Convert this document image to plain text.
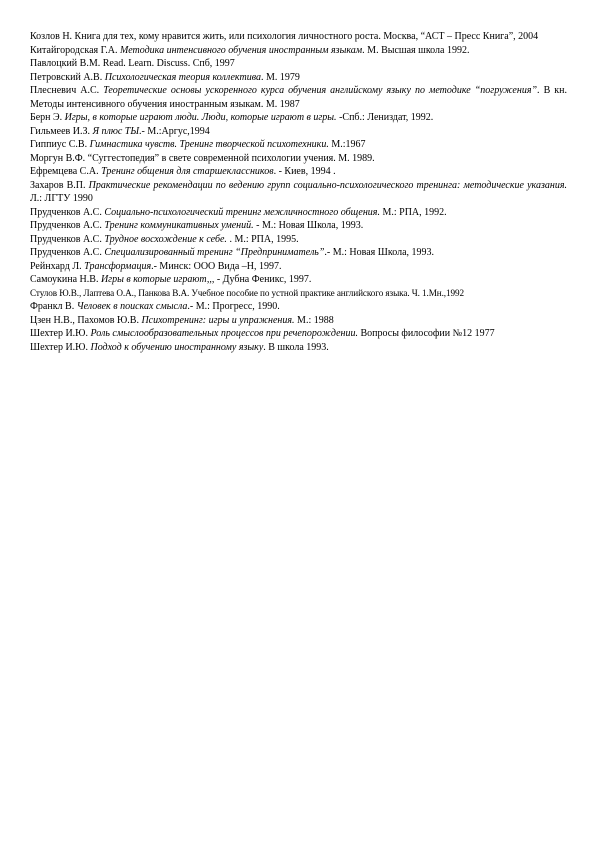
Козлов Н. Книга для тех, кому нравится жить, или психология личностного роста. Москва, “АСТ – Пресс Книга”, 2004

Китайгородская Г.А. Методика интенсивного обучения иностранным языкам. М. Высшая школа 1992.

Павлоцкий В.М. Read. Learn. Discuss. Спб, 1997

Петровский А.В. Психологическая теория коллектива. М. 1979

Плесневич А.С. Теоретические основы ускоренного курса обучения английскому языку по методике “погружения”. В кн. Методы интенсивного обучения иностранным языкам. М. 1987

Берн Э. Игры, в которые играют люди. Люди, которые играют в игры. -Спб.: Лениздат, 1992.

Гильмеев И.З. Я плюс ТЫ.- М.:Аргус,1994

Гиппиус С.В. Гимнастика чувств. Тренинг творческой психотехники. М.:1967

Моргун В.Ф. “Суггестопедия” в свете современной психологии учения. М. 1989.

Ефремцева С.А. Тренинг общения для старшеклассников. - Киев, 1994 .

Захаров В.П. Практические рекомендации по ведению групп социально-психологического тренинга: методические указания. Л.: ЛГТУ 1990

Прудченков А.С. Социально-психологический тренинг межличностного общения. М.: РПА, 1992.

Прудченков А.С. Тренинг коммуникативных умений. - М.: Новая Школа, 1993.

Прудченков А.С. Трудное восхождение к себе. . М.: РПА, 1995.

Прудченков А.С. Специализированный тренинг “Предприниматель”.- М.: Новая Школа, 1993.

Рейнхард Л. Трансформация.- Минск: ООО Вида –Н, 1997.

Самоукина Н.В. Игры в которые играют,,, - Дубна Феникс, 1997.

Стулов Ю.В., Лаптева О.А., Панкова В.А. Учебное пособие по устной практике английского языка. Ч. 1.Мн.,1992

Франкл В. Человек в поисках смысла.- М.: Прогресс, 1990.

Цзен Н.В., Пахомов Ю.В. Психотренинг: игры и упражнения. М.: 1988

Шехтер И.Ю. Роль смыслообразовательных процессов при речепорождении. Вопросы философии №12 1977

Шехтер И.Ю. Подход к обучению иностранному языку. В школа 1993.
